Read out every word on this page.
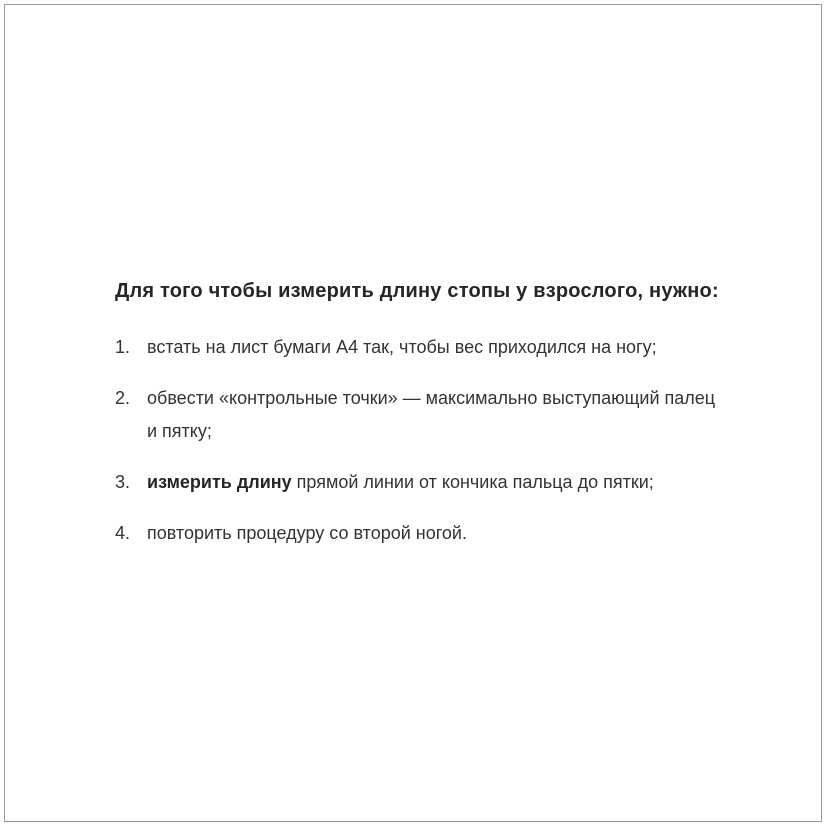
Для того чтобы измерить длину стопы у взрослого, нужно:
1. встать на лист бумаги А4 так, чтобы вес приходился на ногу;
2. обвести «контрольные точки» — максимально выступающий палец и пятку;
3. измерить длину прямой линии от кончика пальца до пятки;
4. повторить процедуру со второй ногой.
